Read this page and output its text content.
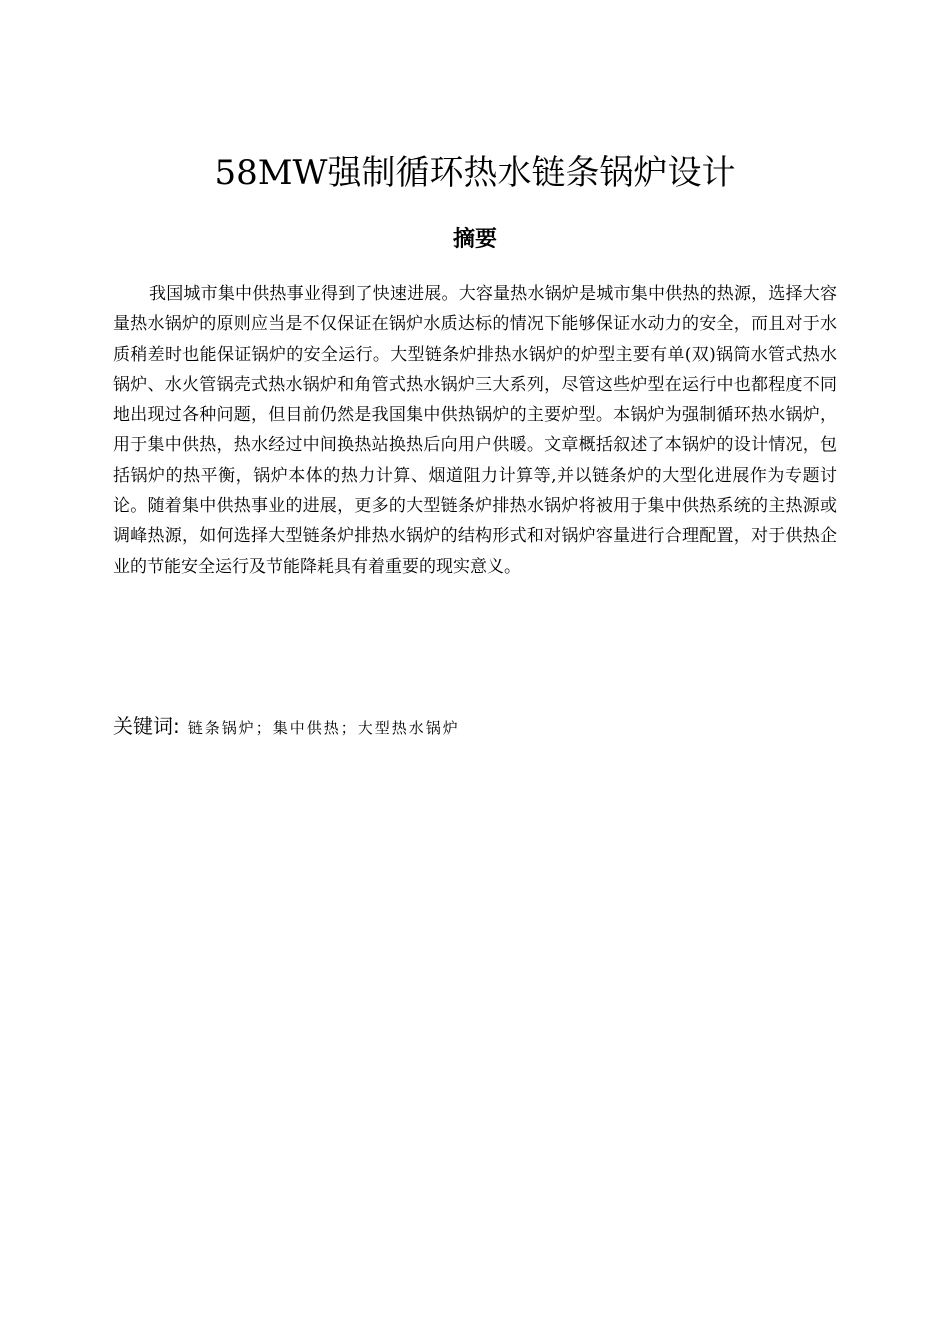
58MW强制循环热水链条锅炉设计
摘要

我国城市集中供热事业得到了快速进展。大容量热水锅炉是城市集中供热的热源，选择大容量热水锅炉的原则应当是不仅保证在锅炉水质达标的情况下能够保证水动力的安全，而且对于水质稍差时也能保证锅炉的安全运行。大型链条炉排热水锅炉的炉型主要有单(双)锅筒水管式热水锅炉、水火管锅壳式热水锅炉和角管式热水锅炉三大系列，尽管这些炉型在运行中也都程度不同地出现过各种问题，但目前仍然是我国集中供热锅炉的主要炉型。本锅炉为强制循环热水锅炉，用于集中供热，热水经过中间换热站换热后向用户供暖。文章概括叙述了本锅炉的设计情况，包括锅炉的热平衡，锅炉本体的热力计算、烟道阻力计算等,并以链条炉的大型化进展作为专题讨论。随着集中供热事业的进展，更多的大型链条炉排热水锅炉将被用于集中供热系统的主热源或调峰热源，如何选择大型链条炉排热水锅炉的结构形式和对锅炉容量进行合理配置，对于供热企业的节能安全运行及节能降耗具有着重要的现实意义。

关键词: 链条锅炉；集中供热；大型热水锅炉
